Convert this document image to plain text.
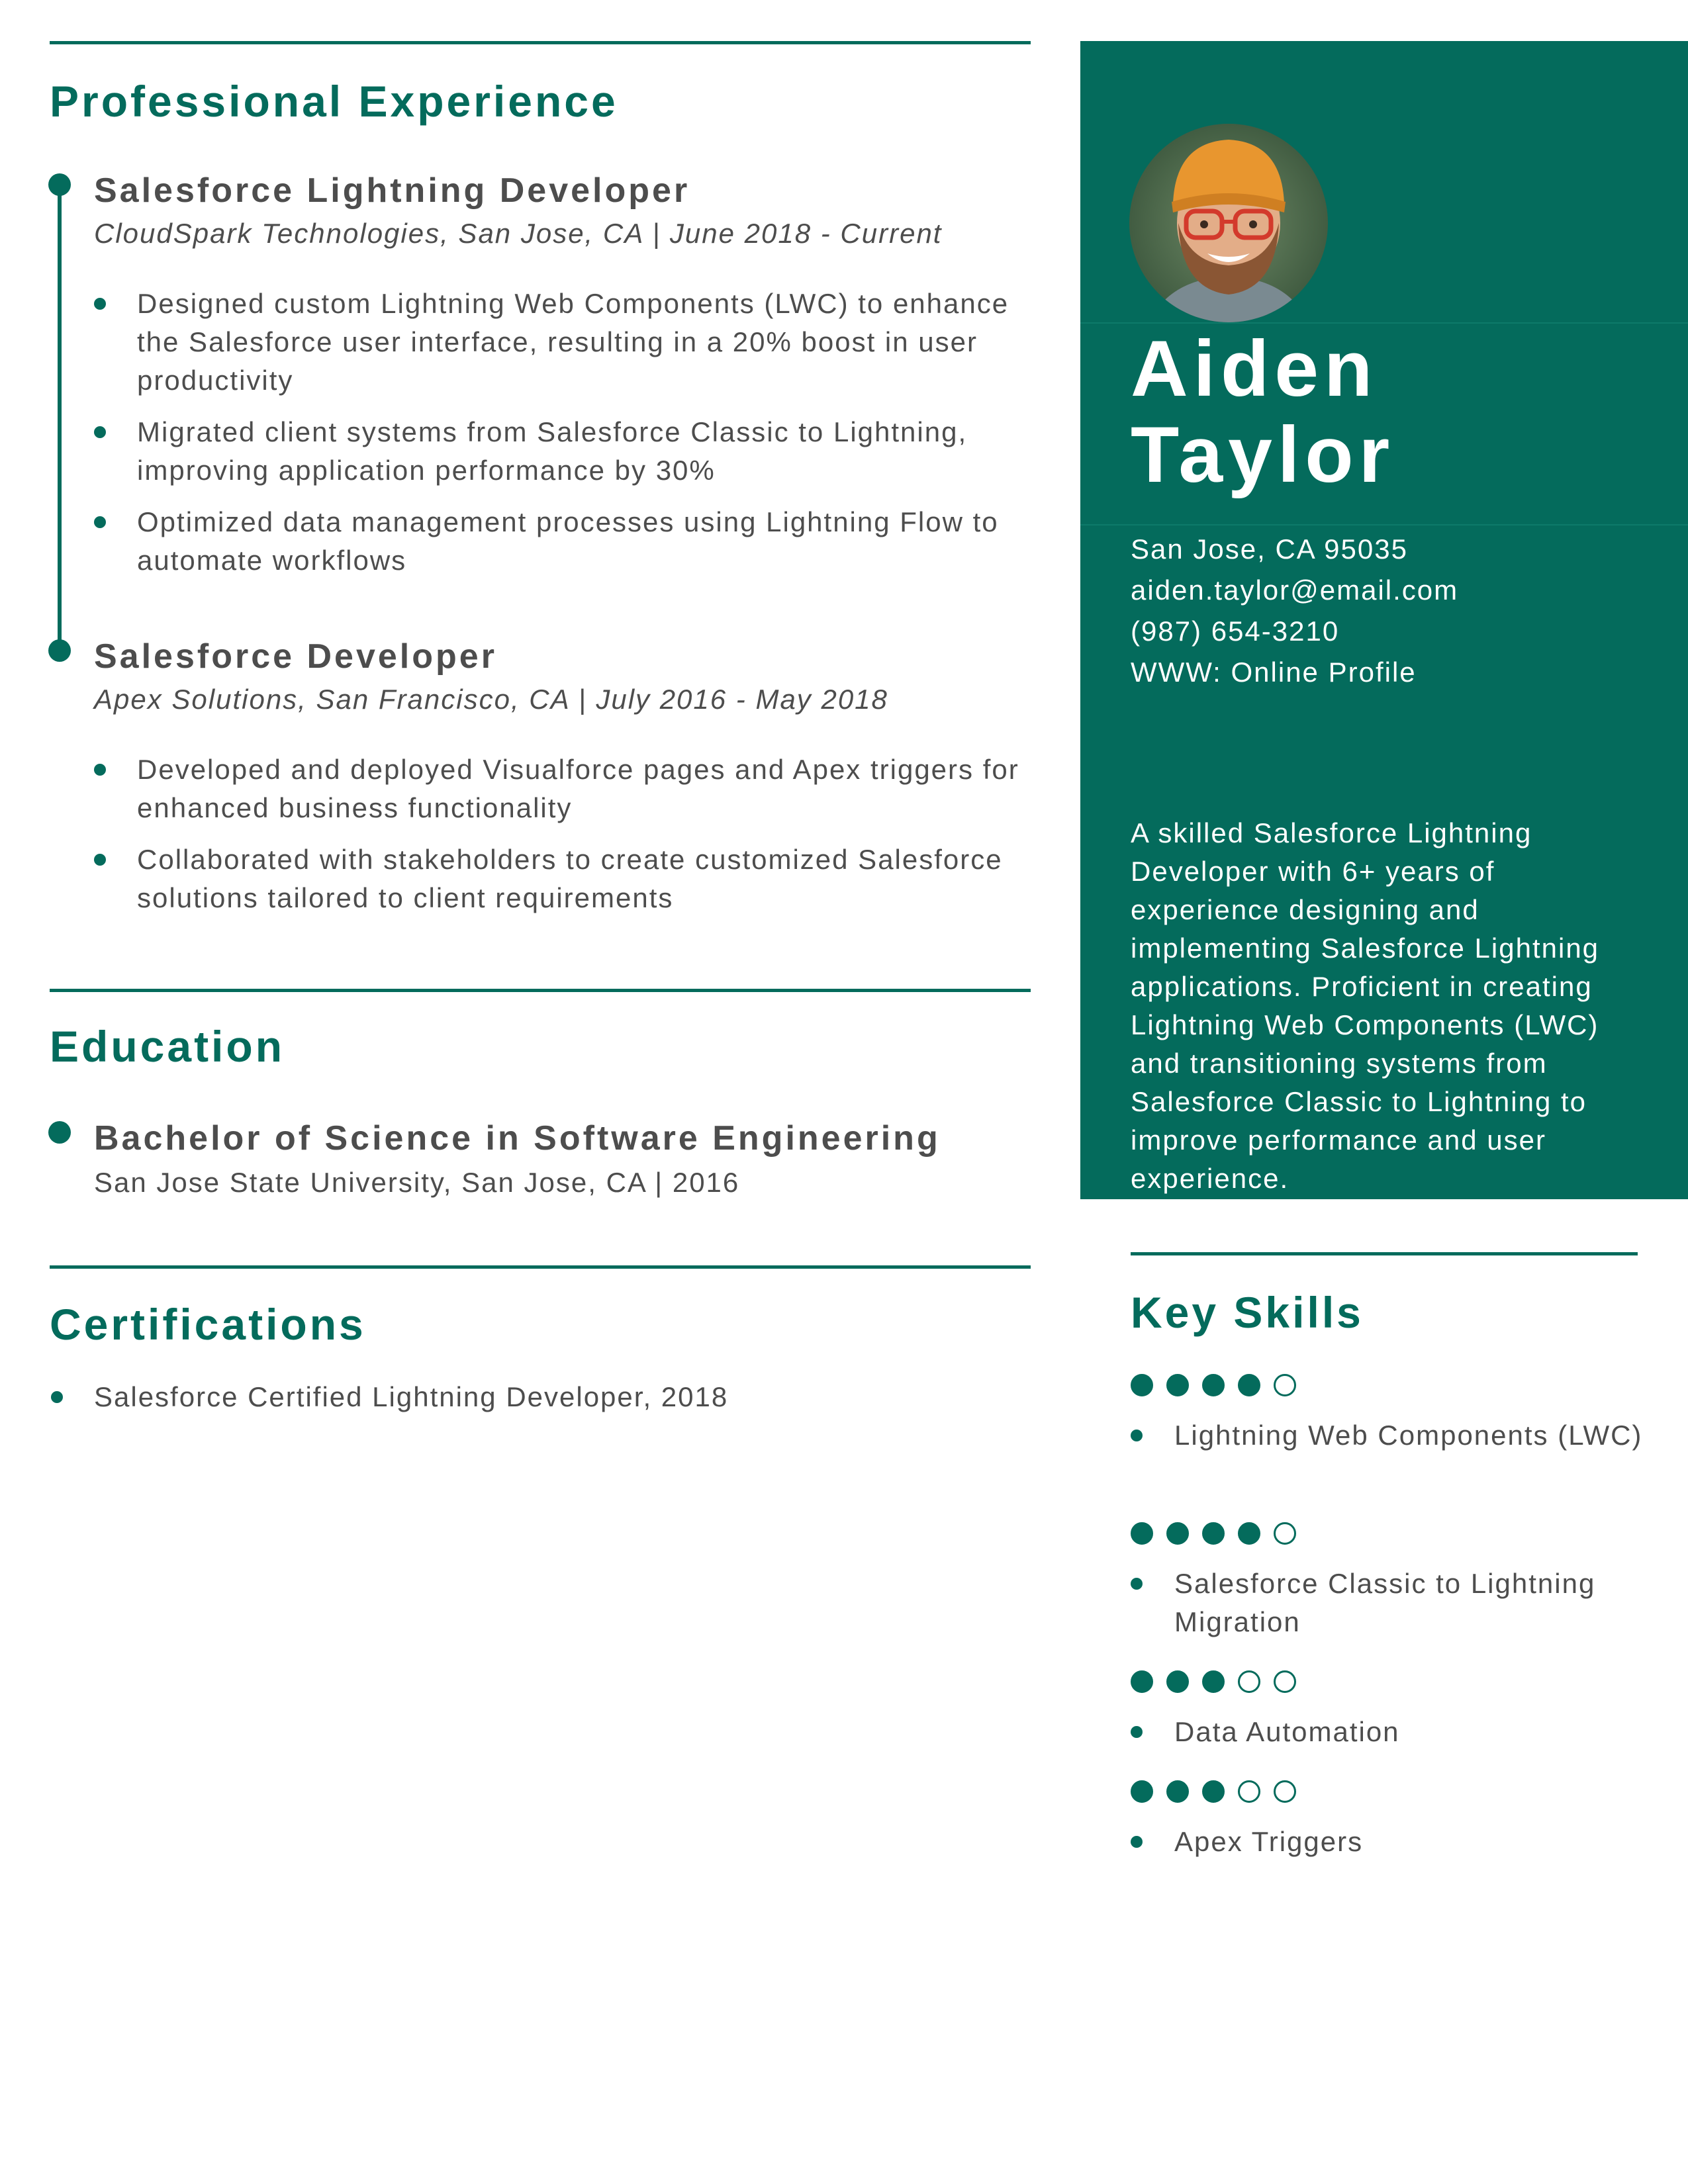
Professional Experience
Salesforce Lightning Developer
CloudSpark Technologies, San Jose, CA | June 2018 - Current
Designed custom Lightning Web Components (LWC) to enhance the Salesforce user interface, resulting in a 20% boost in user productivity
Migrated client systems from Salesforce Classic to Lightning, improving application performance by 30%
Optimized data management processes using Lightning Flow to automate workflows
Salesforce Developer
Apex Solutions, San Francisco, CA | July 2016 - May 2018
Developed and deployed Visualforce pages and Apex triggers for enhanced business functionality
Collaborated with stakeholders to create customized Salesforce solutions tailored to client requirements
Education
Bachelor of Science in Software Engineering
San Jose State University, San Jose, CA | 2016
Certifications
Salesforce Certified Lightning Developer, 2018
Aiden
Taylor
San Jose, CA 95035
aiden.taylor@email.com
(987) 654-3210
WWW: Online Profile

A skilled Salesforce Lightning Developer with 6+ years of experience designing and implementing Salesforce Lightning applications. Proficient in creating Lightning Web Components (LWC) and transitioning systems from Salesforce Classic to Lightning to improve performance and user experience.

Key Skills
Lightning Web Components (LWC)
Salesforce Classic to Lightning Migration
Data Automation
Apex Triggers
